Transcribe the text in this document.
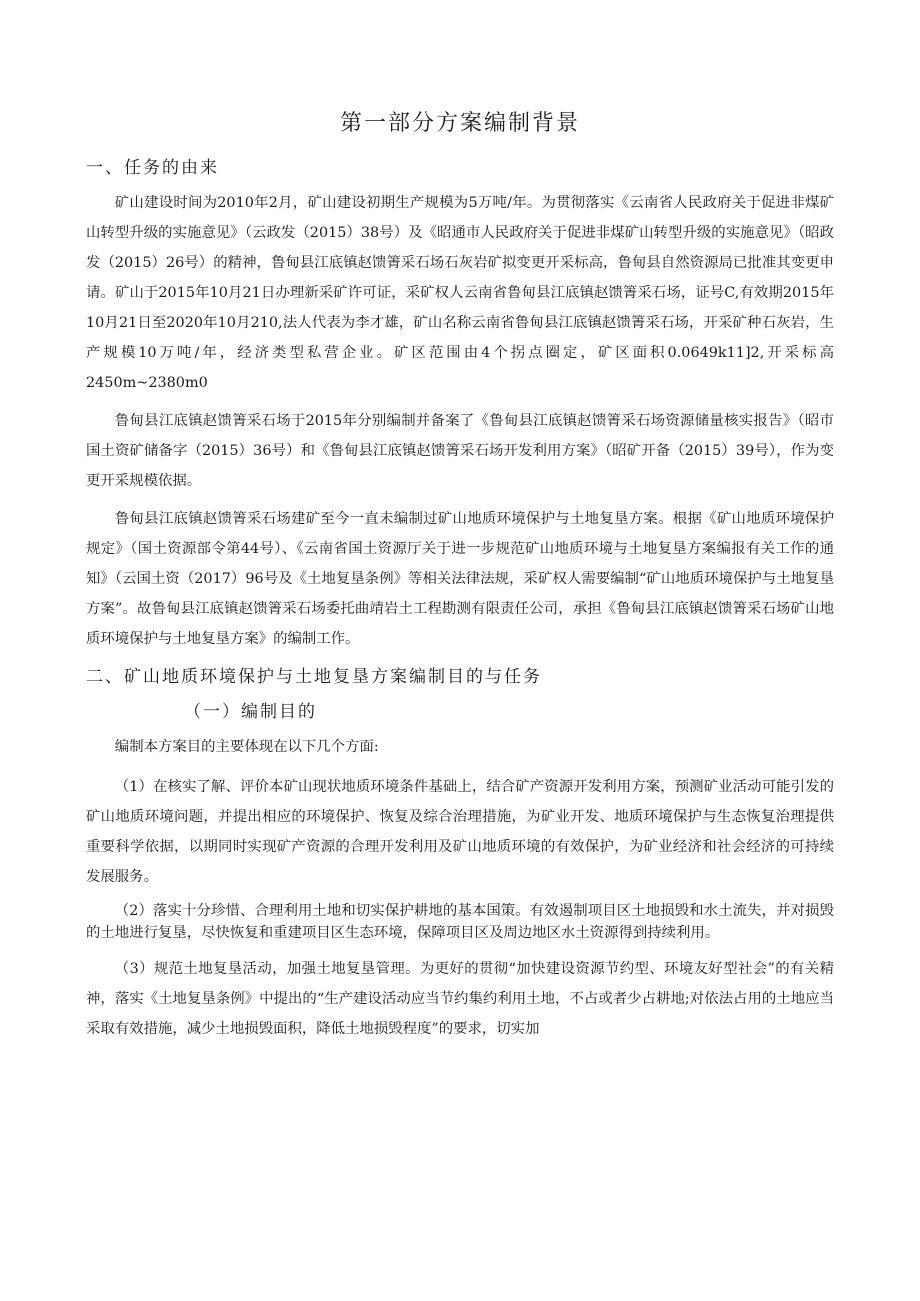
第一部分方案编制背景
一、任务的由来

矿山建设时间为2010年2月，矿山建设初期生产规模为5万吨/年。为贯彻落实《云南省人民政府关于促进非煤矿山转型升级的实施意见》（云政发（2015）38号）及《昭通市人民政府关于促进非煤矿山转型升级的实施意见》（昭政发（2015）26号）的精神，鲁甸县江底镇赵馈箐采石场石灰岩矿拟变更开采标高，鲁甸县自然资源局已批准其变更申请。矿山于2015年10月21日办理新采矿许可证，采矿权人云南省鲁甸县江底镇赵馈箐采石场，证号C,有效期2015年10月21日至2020年10月210,法人代表为李才雄，矿山名称云南省鲁甸县江底镇赵馈箐采石场，开采矿种石灰岩，生产规模10万吨/年，经济类型私营企业。矿区范围由4个拐点圈定，矿区面积0.0649k11]2,开采标高2450m~2380m0

鲁甸县江底镇赵馈箐采石场于2015年分别编制并备案了《鲁甸县江底镇赵馈箐采石场资源储量核实报告》（昭市国土资矿储备字（2015）36号）和《鲁甸县江底镇赵馈箐采石场开发利用方案》（昭矿开备（2015）39号），作为变更开采规模依据。

鲁甸县江底镇赵馈箐采石场建矿至今一直未编制过矿山地质环境保护与土地复垦方案。根据《矿山地质环境保护规定》（国土资源部令第44号）、《云南省国土资源厅关于进一步规范矿山地质环境与土地复垦方案编报有关工作的通知》（云国土资（2017）96号及《土地复垦条例》等相关法律法规，采矿权人需要编制“矿山地质环境保护与土地复垦方案”。故鲁甸县江底镇赵馈箐采石场委托曲靖岩土工程勘测有限责任公司，承担《鲁甸县江底镇赵馈箐采石场矿山地质环境保护与土地复垦方案》的编制工作。

二、矿山地质环境保护与土地复垦方案编制目的与任务
（一）编制目的

编制本方案目的主要体现在以下几个方面:

（1）在核实了解、评价本矿山现状地质环境条件基础上，结合矿产资源开发利用方案，预测矿业活动可能引发的矿山地质环境问题，并提出相应的环境保护、恢复及综合治理措施，为矿业开发、地质环境保护与生态恢复治理提供重要科学依据，以期同时实现矿产资源的合理开发利用及矿山地质环境的有效保护，为矿业经济和社会经济的可持续发展服务。

（2）落实十分珍惜、合理利用土地和切实保护耕地的基本国策。有效遏制项目区土地损毁和水土流失，并对损毁的土地进行复垦，尽快恢复和重建项目区生态环境，保障项目区及周边地区水土资源得到持续利用。

（3）规范土地复垦活动，加强土地复垦管理。为更好的贯彻“加快建设资源节约型、环境友好型社会”的有关精神，落实《土地复垦条例》中提出的“生产建设活动应当节约集约利用土地，不占或者少占耕地;对依法占用的土地应当采取有效措施，减少土地损毁面积，降低土地损毁程度”的要求，切实加
